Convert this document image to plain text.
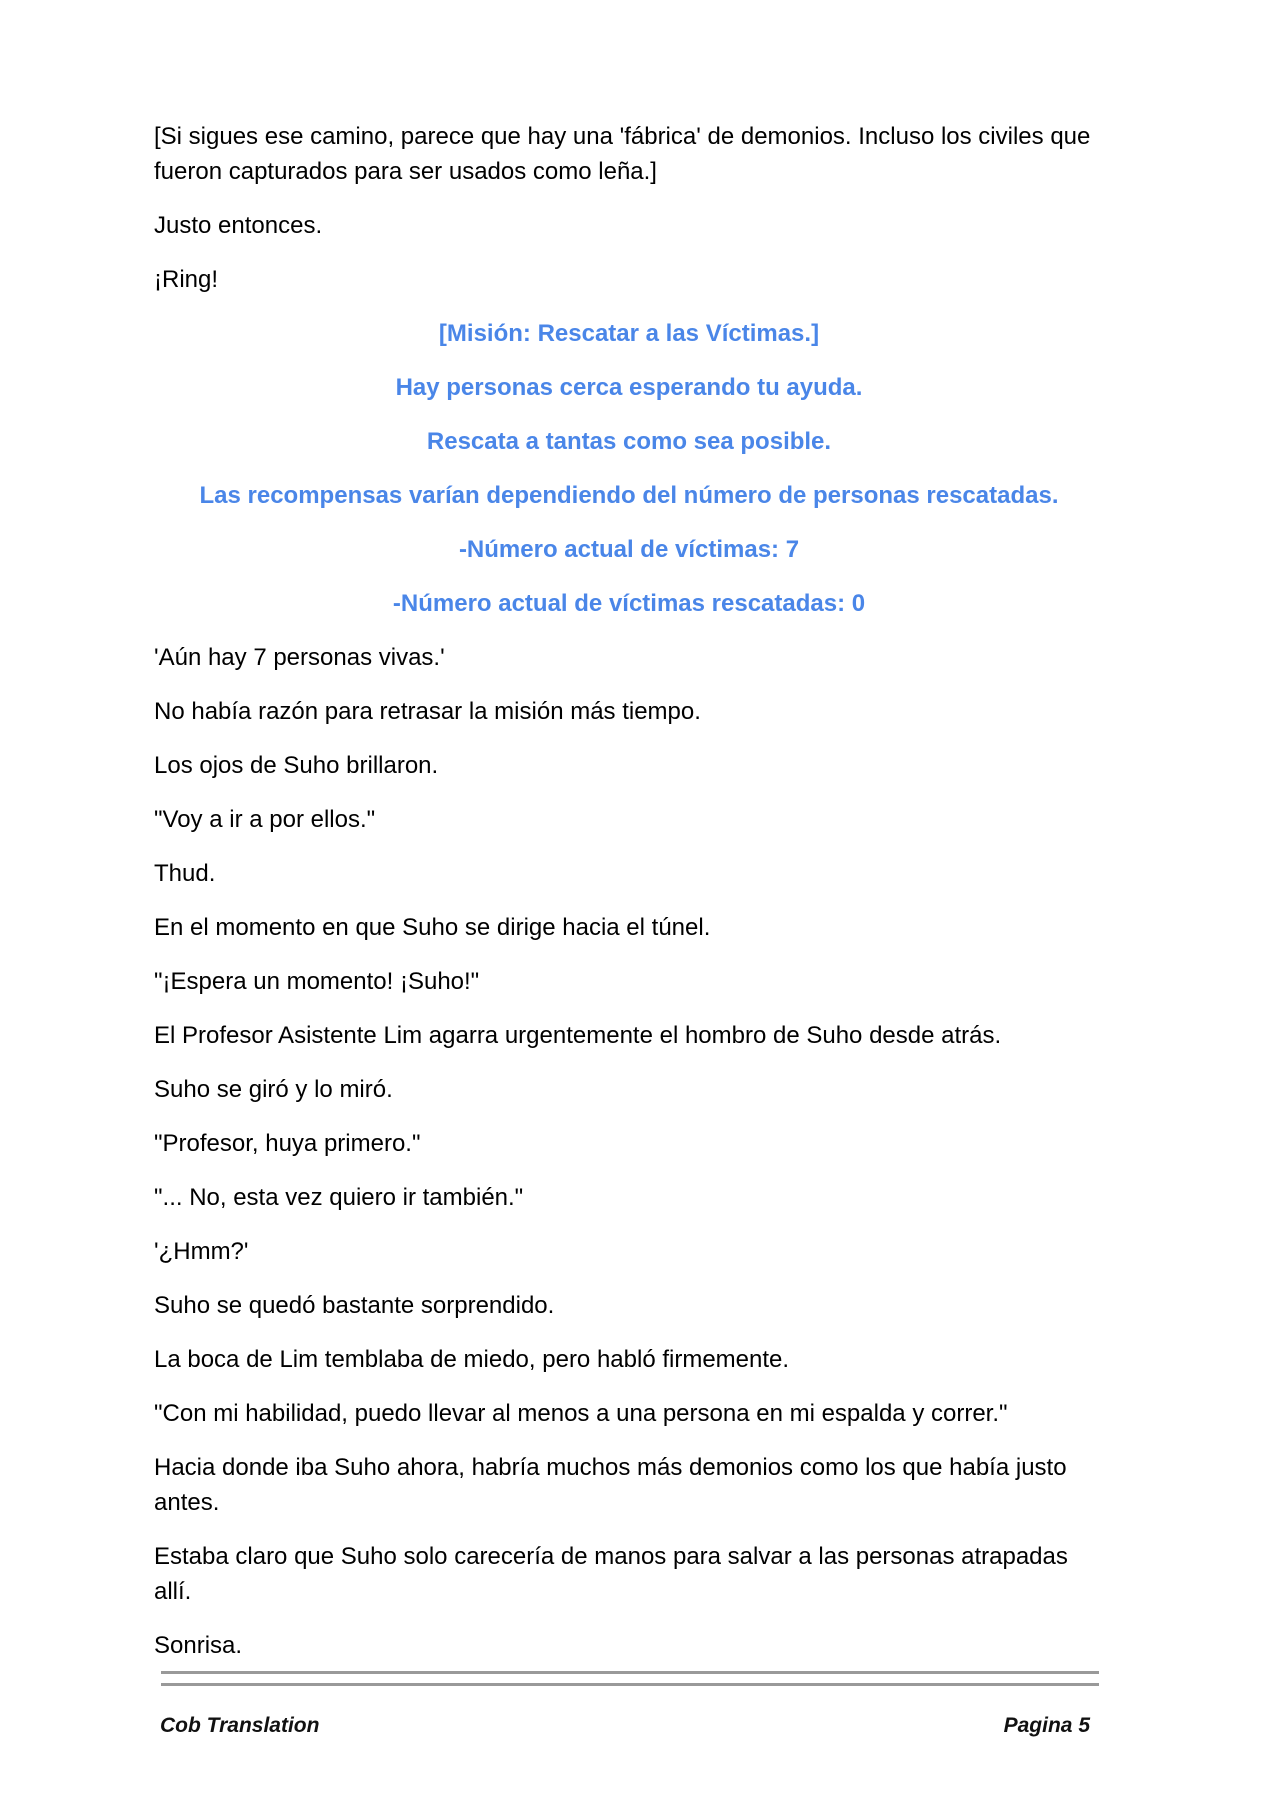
[Si sigues ese camino, parece que hay una 'fábrica' de demonios. Incluso los civiles que fueron capturados para ser usados como leña.]

Justo entonces.

¡Ring!

[Misión: Rescatar a las Víctimas.]

Hay personas cerca esperando tu ayuda.

Rescata a tantas como sea posible.

Las recompensas varían dependiendo del número de personas rescatadas.

-Número actual de víctimas: 7

-Número actual de víctimas rescatadas: 0

'Aún hay 7 personas vivas.'

No había razón para retrasar la misión más tiempo.

Los ojos de Suho brillaron.

"Voy a ir a por ellos."

Thud.

En el momento en que Suho se dirige hacia el túnel.

"¡Espera un momento! ¡Suho!"

El Profesor Asistente Lim agarra urgentemente el hombro de Suho desde atrás.

Suho se giró y lo miró.

"Profesor, huya primero."

"... No, esta vez quiero ir también."

'¿Hmm?'

Suho se quedó bastante sorprendido.

La boca de Lim temblaba de miedo, pero habló firmemente.

"Con mi habilidad, puedo llevar al menos a una persona en mi espalda y correr."

Hacia donde iba Suho ahora, habría muchos más demonios como los que había justo antes.

Estaba claro que Suho solo carecería de manos para salvar a las personas atrapadas allí.

Sonrisa.

Cob Translation	Pagina 5
